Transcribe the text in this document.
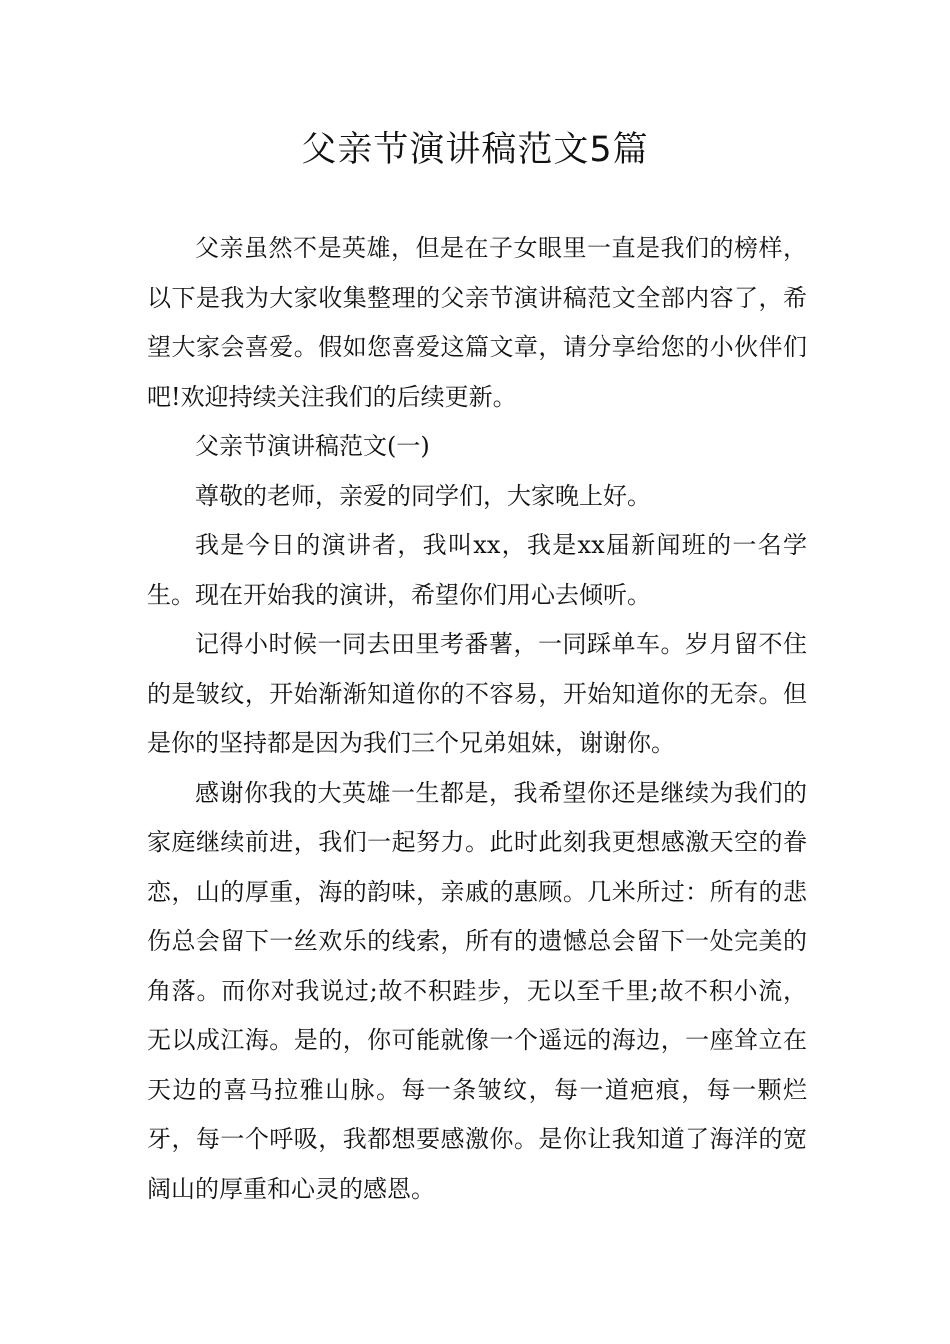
父亲节演讲稿范文5篇

父亲虽然不是英雄，但是在子女眼里一直是我们的榜样，以下是我为大家收集整理的父亲节演讲稿范文全部内容了，希望大家会喜爱。假如您喜爱这篇文章，请分享给您的小伙伴们吧!欢迎持续关注我们的后续更新。

父亲节演讲稿范文(一)

尊敬的老师，亲爱的同学们，大家晚上好。

我是今日的演讲者，我叫xx，我是xx届新闻班的一名学生。现在开始我的演讲，希望你们用心去倾听。

记得小时候一同去田里考番薯，一同踩单车。岁月留不住的是皱纹，开始渐渐知道你的不容易，开始知道你的无奈。但是你的坚持都是因为我们三个兄弟姐妹，谢谢你。

感谢你我的大英雄一生都是，我希望你还是继续为我们的家庭继续前进，我们一起努力。此时此刻我更想感激天空的眷恋，山的厚重，海的韵味，亲戚的惠顾。几米所过：所有的悲伤总会留下一丝欢乐的线索，所有的遗憾总会留下一处完美的角落。而你对我说过;故不积跬步，无以至千里;故不积小流，无以成江海。是的，你可能就像一个遥远的海边，一座耸立在天边的喜马拉雅山脉。每一条皱纹，每一道疤痕，每一颗烂牙，每一个呼吸，我都想要感激你。是你让我知道了海洋的宽阔山的厚重和心灵的感恩。
